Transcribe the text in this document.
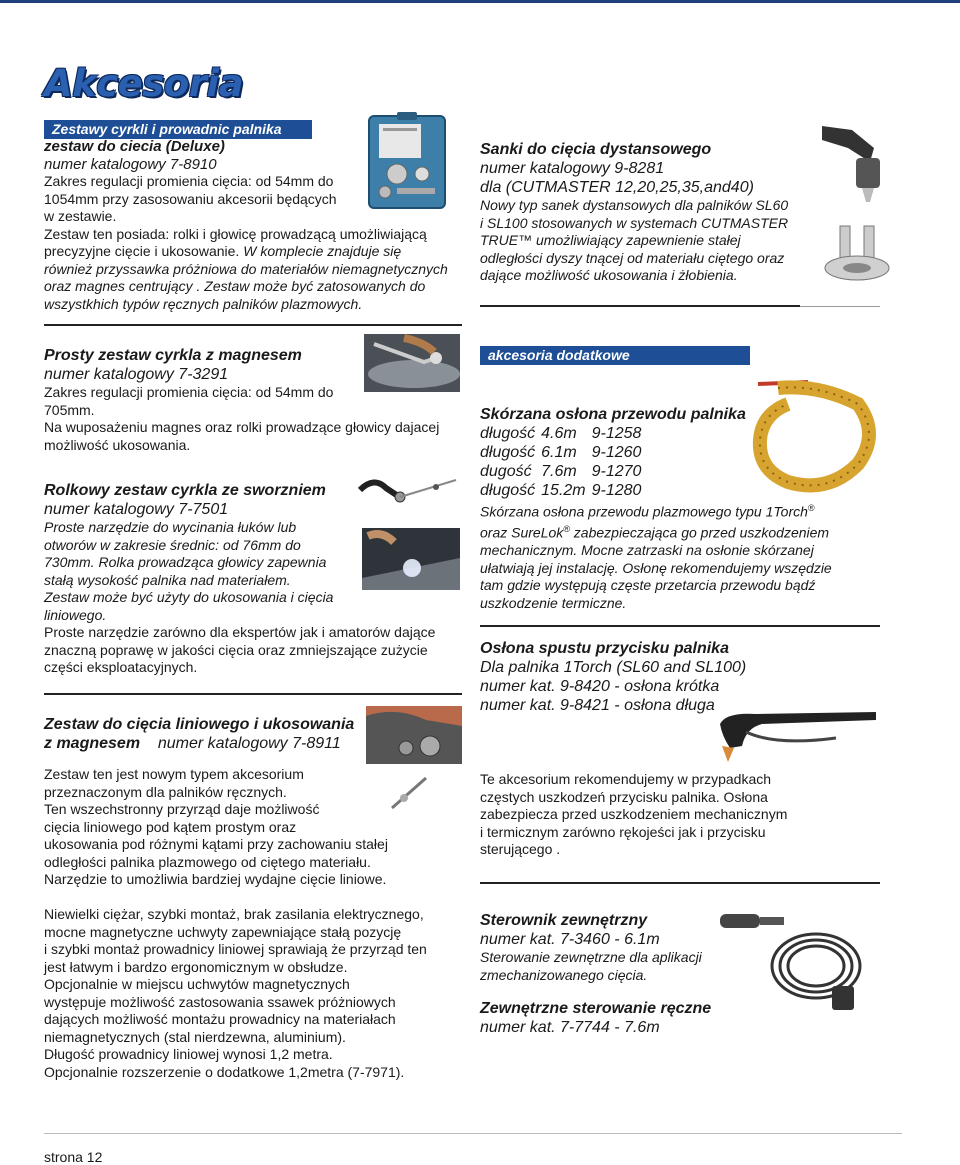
Akcesoria
Zestawy cyrkli i prowadnic palnika

zestaw do ciecia (Deluxe)

numer katalogowy 7-8910

Zakres regulacji promienia cięcia: od 54mm do

1054mm przy zasosowaniu akcesorii będących

w zestawie.

Zestaw ten posiada: rolki i głowicę prowadzącą umożliwiającą

precyzyjne cięcie i ukosowanie. W komplecie znajduje się

również przyssawka próżniowa do materiałów niemagnetycznych

oraz magnes centrujący . Zestaw może być zatosowanych do

wszystkhich typów ręcznych palników plazmowych.

Sanki do cięcia dystansowego

numer katalogowy 9-8281

dla (CUTMASTER 12,20,25,35,and40)

Nowy typ sanek dystansowych dla palników SL60

i SL100 stosowanych w systemach CUTMASTER

TRUE™ umożliwiający zapewnienie stałej

odległości dyszy tnącej od materiału ciętego oraz

dające możliwość ukosowania i żłobienia.

Prosty zestaw cyrkla z magnesem

numer katalogowy 7-3291

Zakres regulacji promienia cięcia: od 54mm do

705mm.

Na wuposażeniu magnes oraz rolki prowadzące głowicy dajacej

możliwość ukosowania.

Rolkowy zestaw cyrkla ze sworzniem

numer katalogowy 7-7501

Proste narzędzie do wycinania łuków lub

otworów w zakresie średnic: od 76mm do

730mm. Rolka prowadząca głowicy zapewnia

stałą wysokość palnika nad materiałem.

Zestaw może być użyty do ukosowania i cięcia

liniowego.

Proste narzędzie zarówno dla ekspertów jak i amatorów dające

znaczną poprawę w jakości cięcia oraz zmniejszające zużycie

części eksploatacyjnych.

Zestaw do cięcia liniowego i ukosowania

z magnesem numer katalogowy 7-8911

Zestaw ten jest nowym typem akcesorium

przeznaczonym dla palników ręcznych.

Ten wszechstronny przyrząd daje możliwość

cięcia liniowego pod kątem prostym oraz

ukosowania pod różnymi kątami przy zachowaniu stałej

odległości palnika plazmowego od ciętego materiału.

Narzędzie to umożliwia bardziej wydajne cięcie liniowe.

Niewielki ciężar, szybki montaż, brak zasilania elektrycznego,

mocne magnetyczne uchwyty zapewniające stałą pozycję

i szybki montaż prowadnicy liniowej sprawiają że przyrząd ten

jest łatwym i bardzo ergonomicznym w obsłudze.

Opcjonalnie w miejscu uchwytów magnetycznych

występuje możliwość zastosowania ssawek próżniowych

dających możliwość montażu prowadnicy na materiałach

niemagnetycznych (stal nierdzewna, aluminium).

Długość prowadnicy liniowej wynosi 1,2 metra.

Opcjonalnie rozszerzenie o dodatkowe 1,2metra (7-7971).

akcesoria dodatkowe

Skórzana osłona przewodu palnika

długość	4.6m	9-1258
długość	6.1m	9-1260
dugość	7.6m	9-1270
długość	15.2m	9-1280

Skórzana osłona przewodu plazmowego typu 1Torch®

oraz SureLok® zabezpieczająca go przed uszkodzeniem

mechanicznym. Mocne zatrzaski na osłonie skórzanej

ułatwiają jej instalację. Osłonę rekomendujemy wszędzie

tam gdzie występują częste przetarcia przewodu bądź

uszkodzenie termiczne.

Osłona spustu przycisku palnika

Dla palnika 1Torch (SL60 and SL100)

numer kat. 9-8420 - osłona krótka

numer kat. 9-8421 - osłona długa

Te akcesorium rekomendujemy w przypadkach

częstych uszkodzeń przycisku palnika. Osłona

zabezpiecza przed uszkodzeniem mechanicznym

i termicznym zarówno rękojeści jak i przycisku

sterującego .

Sterownik zewnętrzny

numer kat. 7-3460 - 6.1m

Sterowanie zewnętrzne dla aplikacji

zmechanizowanego cięcia.

Zewnętrzne sterowanie ręczne

numer kat. 7-7744 - 7.6m

strona 12
